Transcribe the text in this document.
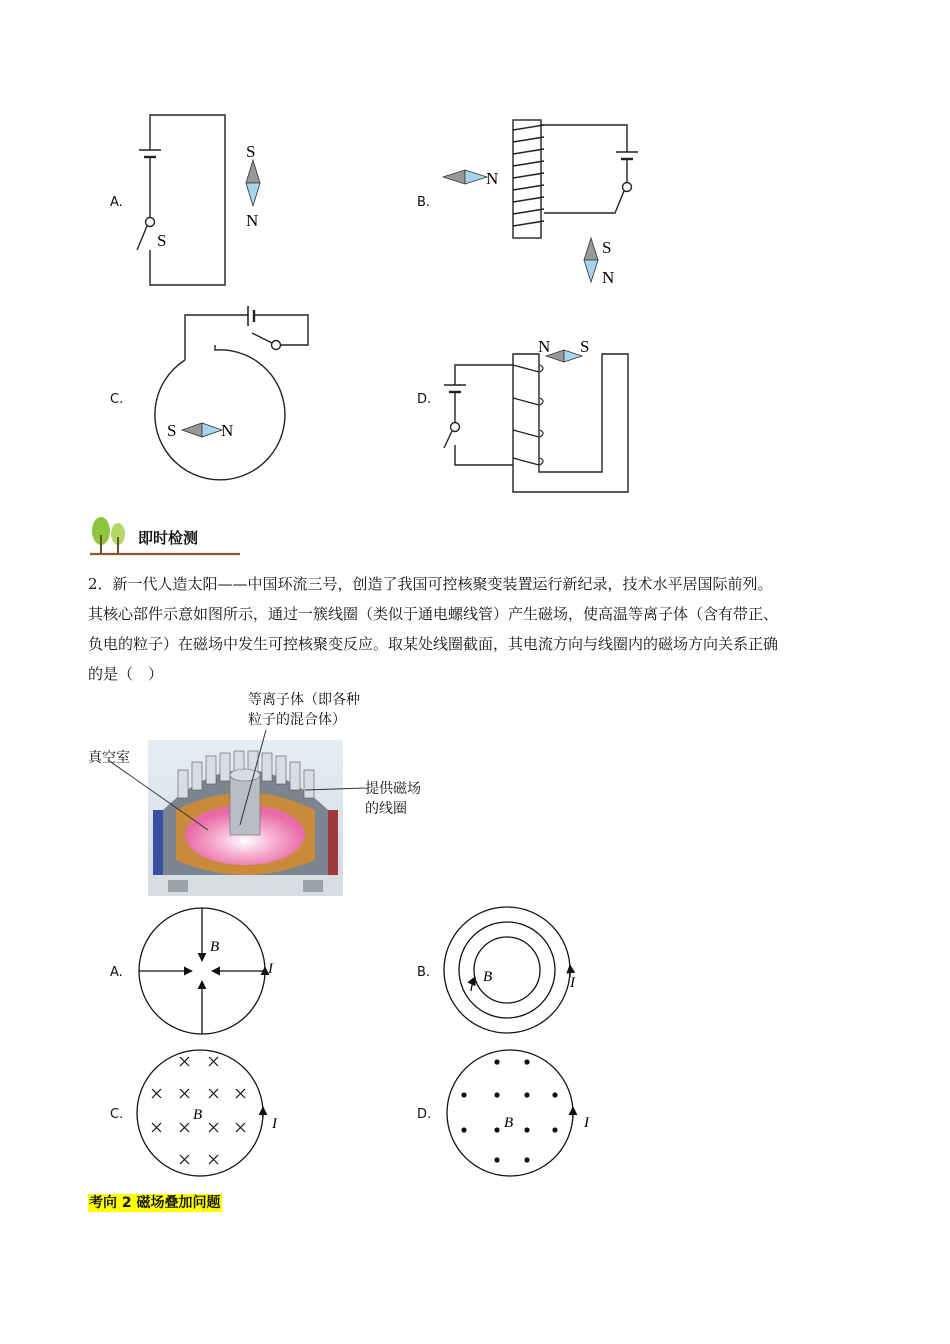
A.	B.
C.	D.
S
S
N
N
S
N
S	N
N S
即时检测

2．新一代人造太阳——中国环流三号，创造了我国可控核聚变装置运行新纪录，技术水平居国际前列。

其核心部件示意如图所示，通过一簇线圈（类似于通电螺线管）产生磁场，使高温等离子体（含有带正、

负电的粒子）在磁场中发生可控核聚变反应。取某处线圈截面，其电流方向与线圈内的磁场方向关系正确

的是（　）

等离子体（即各种
粒子的混合体）
真空室
提供磁场
的线圈
A.	B.
C.	D.
B
I	B	I
B
I	B	I
考向 2 磁场叠加问题
